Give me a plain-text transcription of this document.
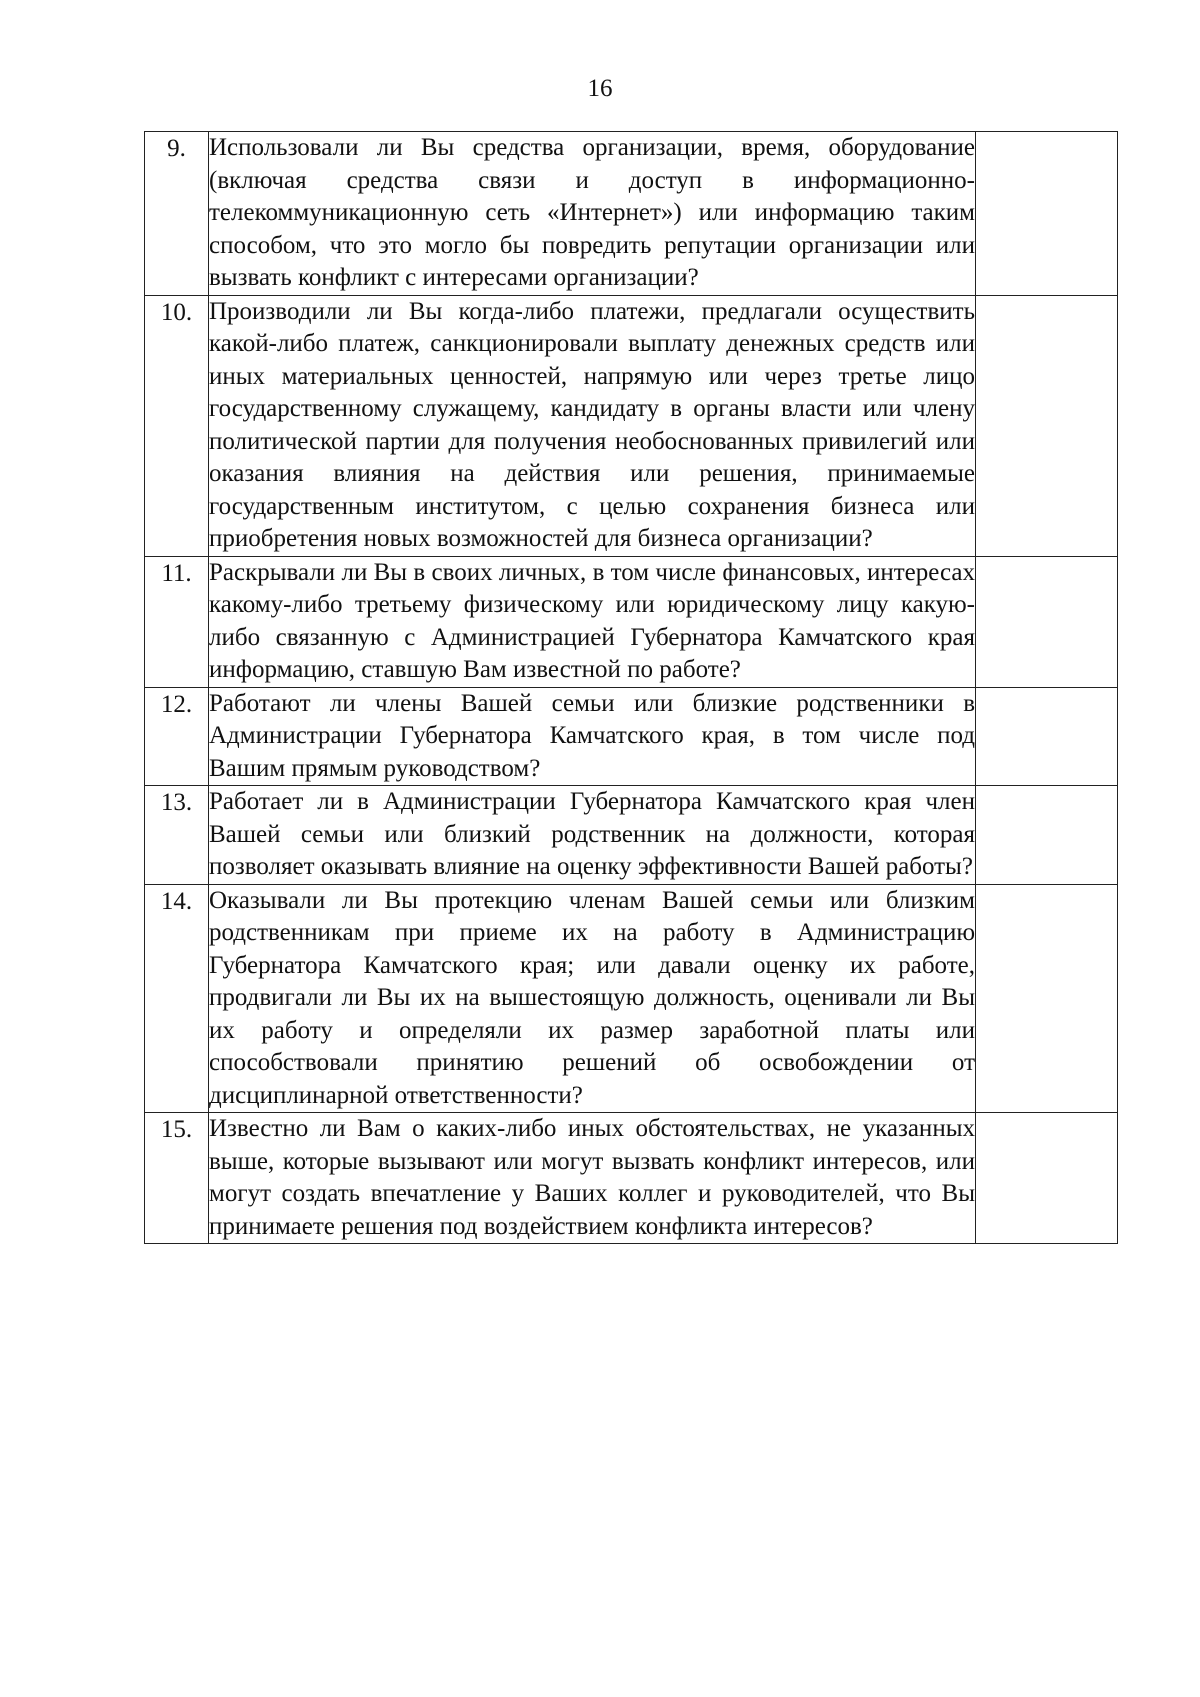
16
9.	Использовали ли Вы средства организации, время, оборудование (включая средства связи и доступ в информационно-телекоммуникационную сеть «Интернет») или информацию таким способом, что это могло бы повредить репутации организации или вызвать конфликт с интересами организации?	

10.	Производили ли Вы когда-либо платежи, предлагали осуществить какой-либо платеж, санкционировали выплату денежных средств или иных материальных ценностей, напрямую или через третье лицо государственному служащему, кандидату в органы власти или члену политической партии для получения необоснованных привилегий или оказания влияния на действия или решения, принимаемые государственным институтом, с целью сохранения бизнеса или приобретения новых возможностей для бизнеса организации?	

11.	Раскрывали ли Вы в своих личных, в том числе финансовых, интересах какому-либо третьему физическому или юридическому лицу какую-либо связанную с Администрацией Губернатора Камчатского края информацию, ставшую Вам известной по работе?	

12.	Работают ли члены Вашей семьи или близкие родственники в Администрации Губернатора Камчатского края, в том числе под Вашим прямым руководством?	

13.	Работает ли в Администрации Губернатора Камчатского края член Вашей семьи или близкий родственник на должности, которая позволяет оказывать влияние на оценку эффективности Вашей работы?	

14.	Оказывали ли Вы протекцию членам Вашей семьи или близким родственникам при приеме их на работу в Администрацию Губернатора Камчатского края; или давали оценку их работе, продвигали ли Вы их на вышестоящую должность, оценивали ли Вы их работу и определяли их размер заработной платы или способствовали принятию решений об освобождении от дисциплинарной ответственности?	

15.	Известно ли Вам о каких-либо иных обстоятельствах, не указанных выше, которые вызывают или могут вызвать конфликт интересов, или могут создать впечатление у Ваших коллег и руководителей, что Вы принимаете решения под воздействием конфликта интересов?	
